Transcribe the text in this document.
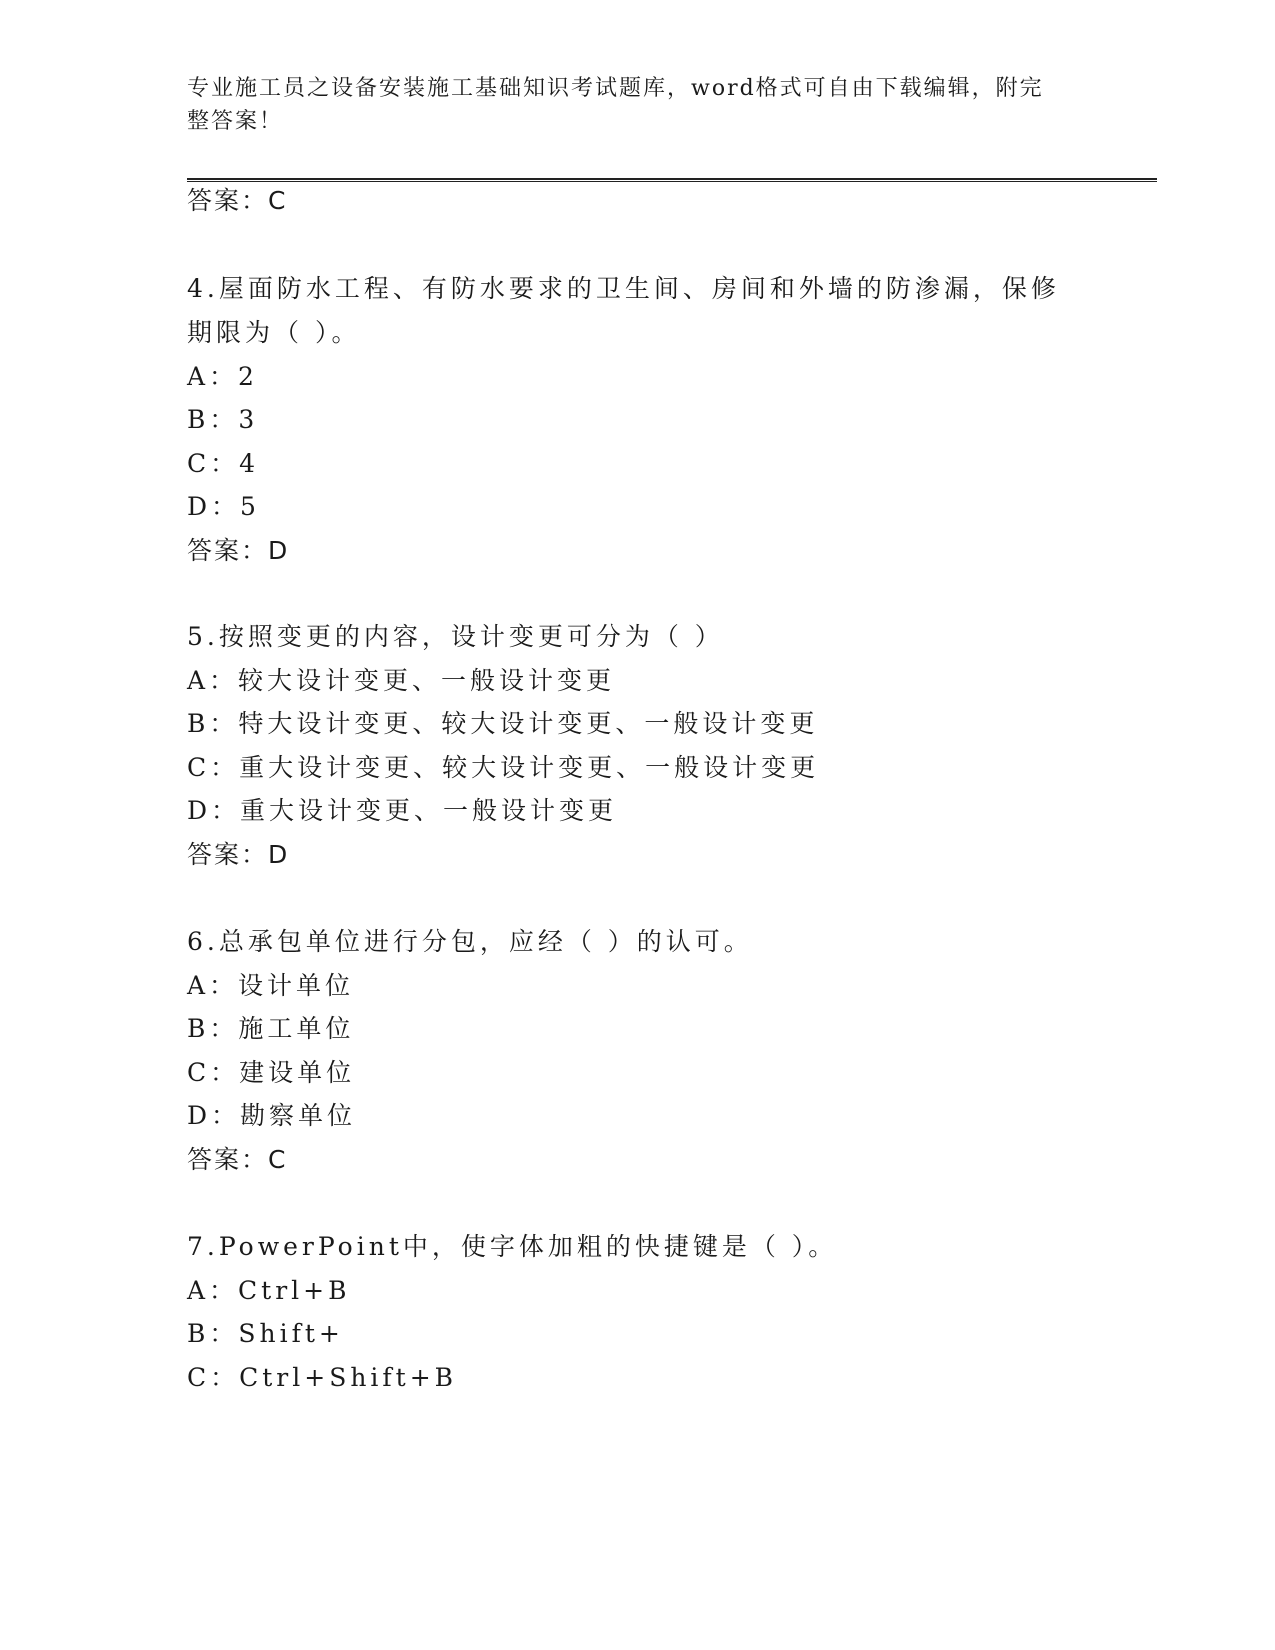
专业施工员之设备安装施工基础知识考试题库，word格式可自由下载编辑，附完整答案！
答案：C
4.屋面防水工程、有防水要求的卫生间、房间和外墙的防渗漏，保修
期限为（ ）。
A：2
B：3
C：4
D：5
答案：D
5.按照变更的内容，设计变更可分为（ ）
A：较大设计变更、一般设计变更
B：特大设计变更、较大设计变更、一般设计变更
C：重大设计变更、较大设计变更、一般设计变更
D：重大设计变更、一般设计变更
答案：D
6.总承包单位进行分包，应经（ ）的认可。
A：设计单位
B：施工单位
C：建设单位
D：勘察单位
答案：C
7.PowerPoint中，使字体加粗的快捷键是（ ）。
A：Ctrl+B
B：Shift+
C：Ctrl+Shift+B
